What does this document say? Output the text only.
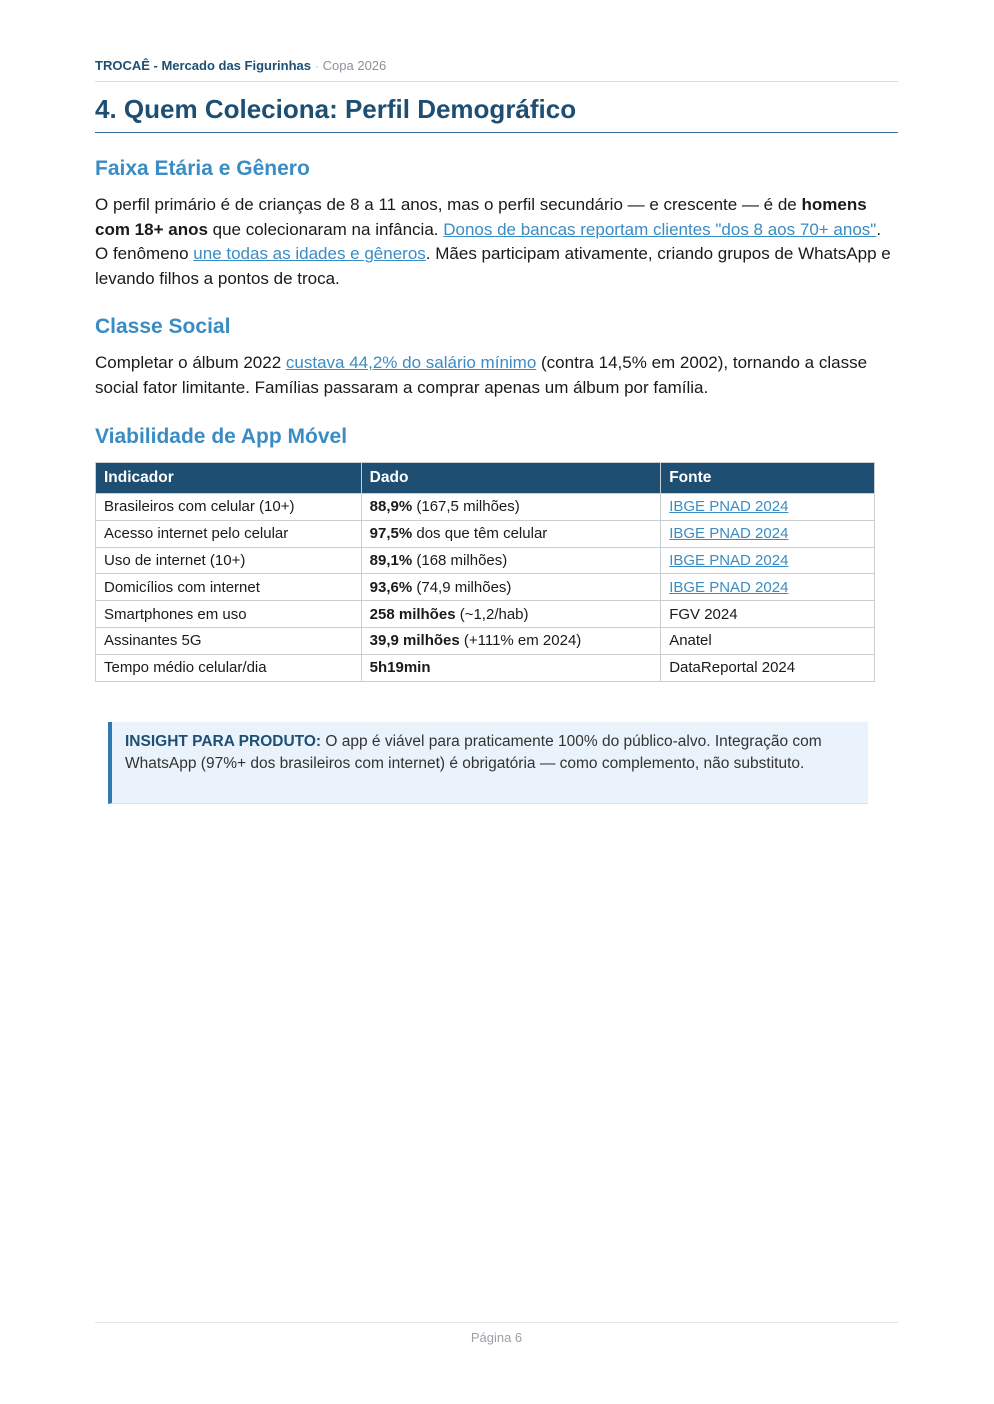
TROCAÊ - Mercado das Figurinhas · Copa 2026
4. Quem Coleciona: Perfil Demográfico
Faixa Etária e Gênero

O perfil primário é de crianças de 8 a 11 anos, mas o perfil secundário — e crescente — é de homens com 18+ anos que colecionaram na infância. Donos de bancas reportam clientes "dos 8 aos 70+ anos". O fenômeno une todas as idades e gêneros. Mães participam ativamente, criando grupos de WhatsApp e levando filhos a pontos de troca.

Classe Social

Completar o álbum 2022 custava 44,2% do salário mínimo (contra 14,5% em 2002), tornando a classe social fator limitante. Famílias passaram a comprar apenas um álbum por família.

Viabilidade de App Móvel
Indicador	Dado	Fonte
Brasileiros com celular (10+)	88,9% (167,5 milhões)	IBGE PNAD 2024
Acesso internet pelo celular	97,5% dos que têm celular	IBGE PNAD 2024
Uso de internet (10+)	89,1% (168 milhões)	IBGE PNAD 2024
Domicílios com internet	93,6% (74,9 milhões)	IBGE PNAD 2024
Smartphones em uso	258 milhões (~1,2/hab)	FGV 2024
Assinantes 5G	39,9 milhões (+111% em 2024)	Anatel
Tempo médio celular/dia	5h19min	DataReportal 2024
INSIGHT PARA PRODUTO: O app é viável para praticamente 100% do público-alvo. Integração com WhatsApp (97%+ dos brasileiros com internet) é obrigatória — como complemento, não substituto.
Página 6
